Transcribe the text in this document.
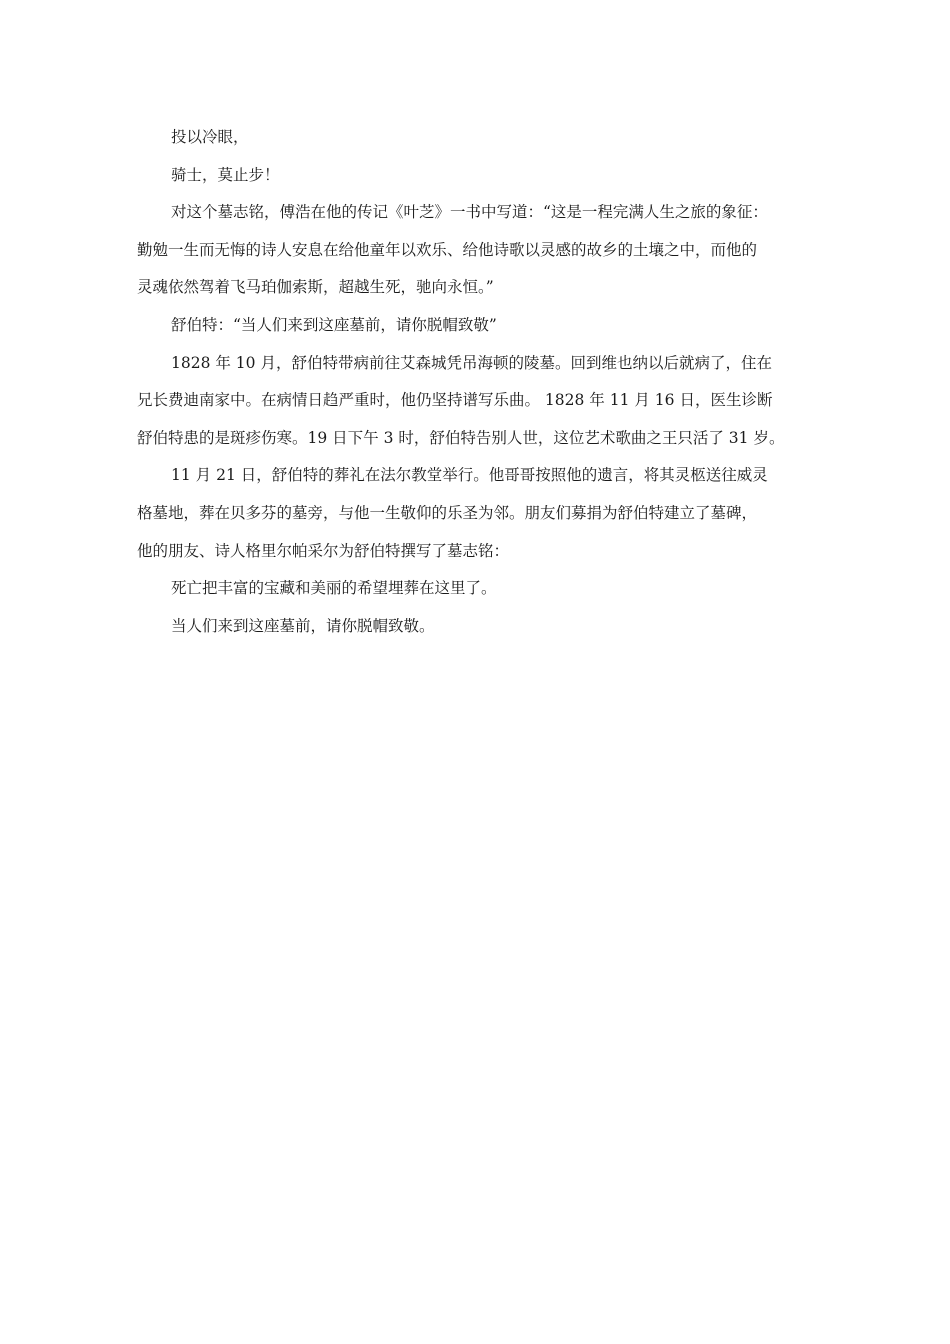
投以冷眼，
骑士，莫止步！
对这个墓志铭，傅浩在他的传记《叶芝》一书中写道：“这是一程完满人生之旅的象征：
勤勉一生而无悔的诗人安息在给他童年以欢乐、给他诗歌以灵感的故乡的土壤之中，而他的
灵魂依然驾着飞马珀伽索斯，超越生死，驰向永恒。”
舒伯特：“当人们来到这座墓前，请你脱帽致敬”
1828 年 10 月，舒伯特带病前往艾森城凭吊海顿的陵墓。回到维也纳以后就病了，住在
兄长费迪南家中。在病情日趋严重时，他仍坚持谱写乐曲。 1828 年 11 月 16 日，医生诊断
舒伯特患的是斑疹伤寒。19 日下午 3 时，舒伯特告别人世，这位艺术歌曲之王只活了 31 岁。
11 月 21 日，舒伯特的葬礼在法尔教堂举行。他哥哥按照他的遗言，将其灵柩送往威灵
格墓地，葬在贝多芬的墓旁，与他一生敬仰的乐圣为邻。朋友们募捐为舒伯特建立了墓碑，
他的朋友、诗人格里尔帕采尔为舒伯特撰写了墓志铭：
死亡把丰富的宝藏和美丽的希望埋葬在这里了。
当人们来到这座墓前，请你脱帽致敬。
